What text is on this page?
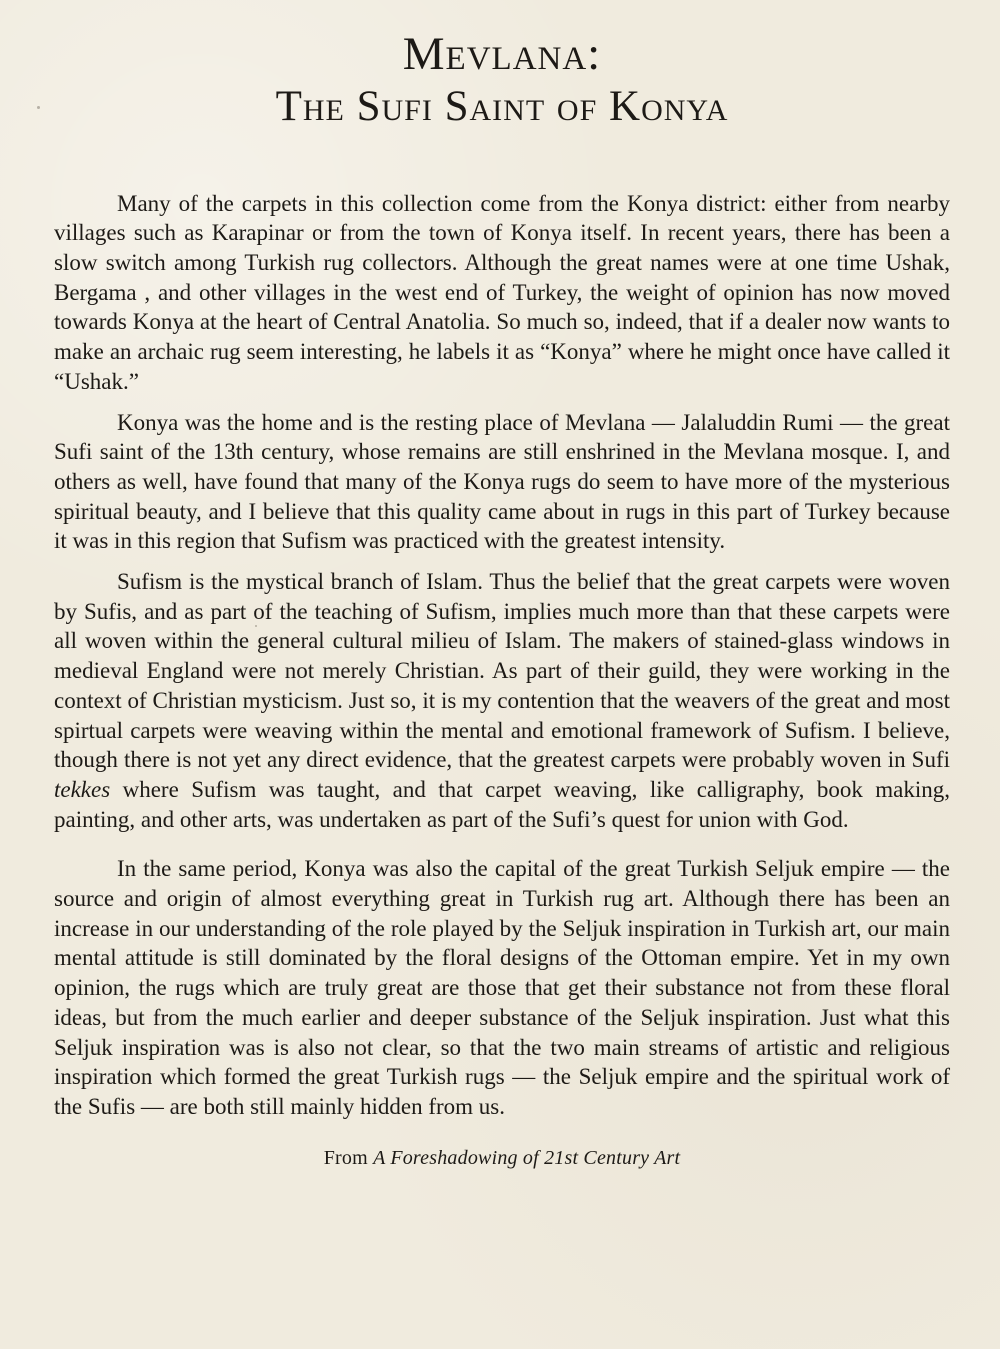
Mevlana:
The Sufi Saint of Konya

Many of the carpets in this collection come from the Konya district: either from nearby villages such as Karapinar or from the town of Konya itself. In recent years, there has been a slow switch among Turkish rug collectors. Although the great names were at one time Ushak, Bergama , and other villages in the west end of Turkey, the weight of opinion has now moved towards Konya at the heart of Central Anatolia. So much so, indeed, that if a dealer now wants to make an archaic rug seem interesting, he labels it as “Konya” where he might once have called it “Ushak.”

Konya was the home and is the resting place of Mevlana — Jalaluddin Rumi — the great Sufi saint of the 13th century, whose remains are still enshrined in the Mevlana mosque. I, and others as well, have found that many of the Konya rugs do seem to have more of the mysterious spiritual beauty, and I believe that this quality came about in rugs in this part of Turkey because it was in this region that Sufism was practiced with the greatest intensity.

Sufism is the mystical branch of Islam. Thus the belief that the great carpets were woven by Sufis, and as part of the teaching of Sufism, implies much more than that these carpets were all woven within the general cultural milieu of Islam. The makers of stained-glass windows in medieval England were not merely Christian. As part of their guild, they were working in the context of Christian mysticism. Just so, it is my contention that the weavers of the great and most spirtual carpets were weaving within the mental and emotional framework of Sufism. I believe, though there is not yet any direct evidence, that the greatest carpets were probably woven in Sufi tekkes where Sufism was taught, and that carpet weaving, like calligraphy, book making, painting, and other arts, was undertaken as part of the Sufi’s quest for union with God.

In the same period, Konya was also the capital of the great Turkish Seljuk empire — the source and origin of almost everything great in Turkish rug art. Although there has been an increase in our understanding of the role played by the Seljuk inspiration in Turkish art, our main mental attitude is still dominated by the floral designs of the Ottoman empire. Yet in my own opinion, the rugs which are truly great are those that get their substance not from these floral ideas, but from the much earlier and deeper substance of the Seljuk inspiration. Just what this Seljuk inspiration was is also not clear, so that the two main streams of artistic and religious inspiration which formed the great Turkish rugs — the Seljuk empire and the spiritual work of the Sufis — are both still mainly hidden from us.

From A Foreshadowing of 21st Century Art
